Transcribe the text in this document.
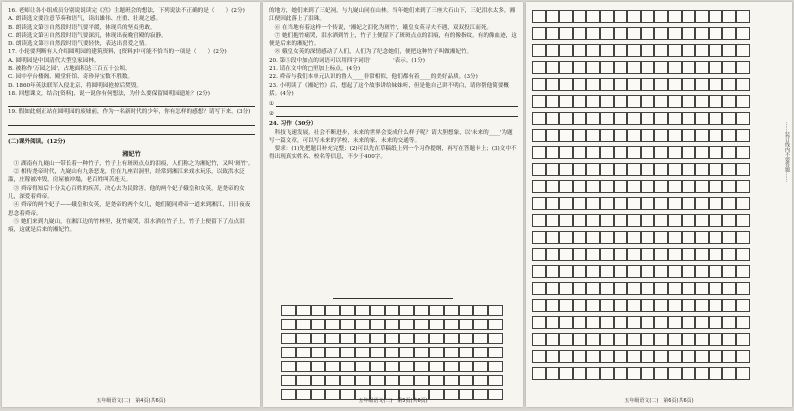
16. 老师让各小组成员分别说说读完《宫》主题班会的想法，下列说法不正确的是（　　）(2分)

A. 朗读选文要注意节奏和语气，读出雄伟、庄重、壮观之感。

B. 朗读选文第③自然段时语气要平缓，体现兵的坚贞勇敢。

C. 朗读选文第④自然段时语气要深沉，体现出夜晚宫殿的寂静。

D. 朗读选文第⑤自然段时语气要轻快，表达出喜爱之情。

17. 小轮要判断有人介绍圆明园的建筑资料，[资料]中可能不恰当的一项是（　　）(2分)

A. 圆明园是中国清代大型皇家园林。

B. 被称作'万园之园'，占地面积达三百五十公顷。

C. 园中亭台楼阁、殿堂轩馆、奇珍异宝数不胜数。

D. 1860年英法联军入侵北京，将圆明园抢掠后焚毁。

18. 回想课文，结合[资料]，说一说你有何想法，为什么要保留圆明园遗址？(2分)

19. 假如此刻正站在圆明园的废墟前，作为一名新时代的少年，你有怎样的感想？请写下来。(3分)

(二)课外阅读。(12分)

湘妃竹

① 湖南有九嶷山一带长着一种竹子，竹子上有斑斑点点的泪痕，人们称之为湘妃竹，又叫'斑竹'。

② 相传尧帝时代，九嶷山有九条恶龙，住在九座岩洞里，经常到湘江来戏水玩乐，以致洪水泛滥，庄稼被冲毁，房屋被冲塌，老百姓叫苦连天。

③ 舜帝得知后十分关心百姓的疾苦，决心去为民除害。他的两个妃子娥皇和女英，是尧帝的女儿，深爱着舜帝。

④ 舜帝的两个妃子——娥皇和女英，是尧帝的两个女儿，她们随同舜帝一道来到湘江，日日夜夜思念着舜帝。

⑤ 她们来到九嶷山，在湘江边的竹林里，抚竹痛哭，泪水洒在竹子上，竹子上便留下了点点泪痕，这就是后来的湘妃竹。

五年级语文(二)　第4页(共6页)

的地方，她们来到了三妃祠，与九嶷山同在山林。当年她们来到了三座大石山下，三妃泪水太多，湘江便因此落上了泪珠。

⑥ 在当地有着这样一个传说，'湘妃之泪化为斑竹'，娥皇女英寻夫不遇，双双投江而死。

⑦ 她们抱竹痛哭，泪水洒到竹上，竹子上便留下了斑斑点点的泪痕，有的像指纹，有的像血迹，这便是后来的湘妃竹。

⑧ 娥皇女英的深情感动了人们，人们为了纪念她们，便把这种竹子叫做湘妃竹。

20. 第⑤段中加点的词语可以用四字词语'　　　　'表示。(1分)

21. 请在文中的□里加上标点。(4分)

22. 舜帝与我们本单元认识的鲁人____非常相似，他们都有着____的美好品质。(3分)

23. 小明读了《湘妃竹》后，想起了这个故事讲给妹妹听，但是他自己讲不明白，请你帮他简要概括。(4分)

①
②

24. 习作（30分）

科技飞速发展，社会不断进步，未来的世界会变成什么样子呢？请大胆想象，以'未来的____'为题写一篇文章，可以写未来的学校、未来的家、未来的交通等。

要求：(1)先把题目补充完整；(2)可以先在草稿纸上列一个习作提纲，再写在答题卡上；(3)文中不得出现真实姓名、校名等信息，不少于400字。

五年级语文(二)　第5页(共6页)
……装订线内不要答题……
五年级语文(二)　第6页(共6页)
